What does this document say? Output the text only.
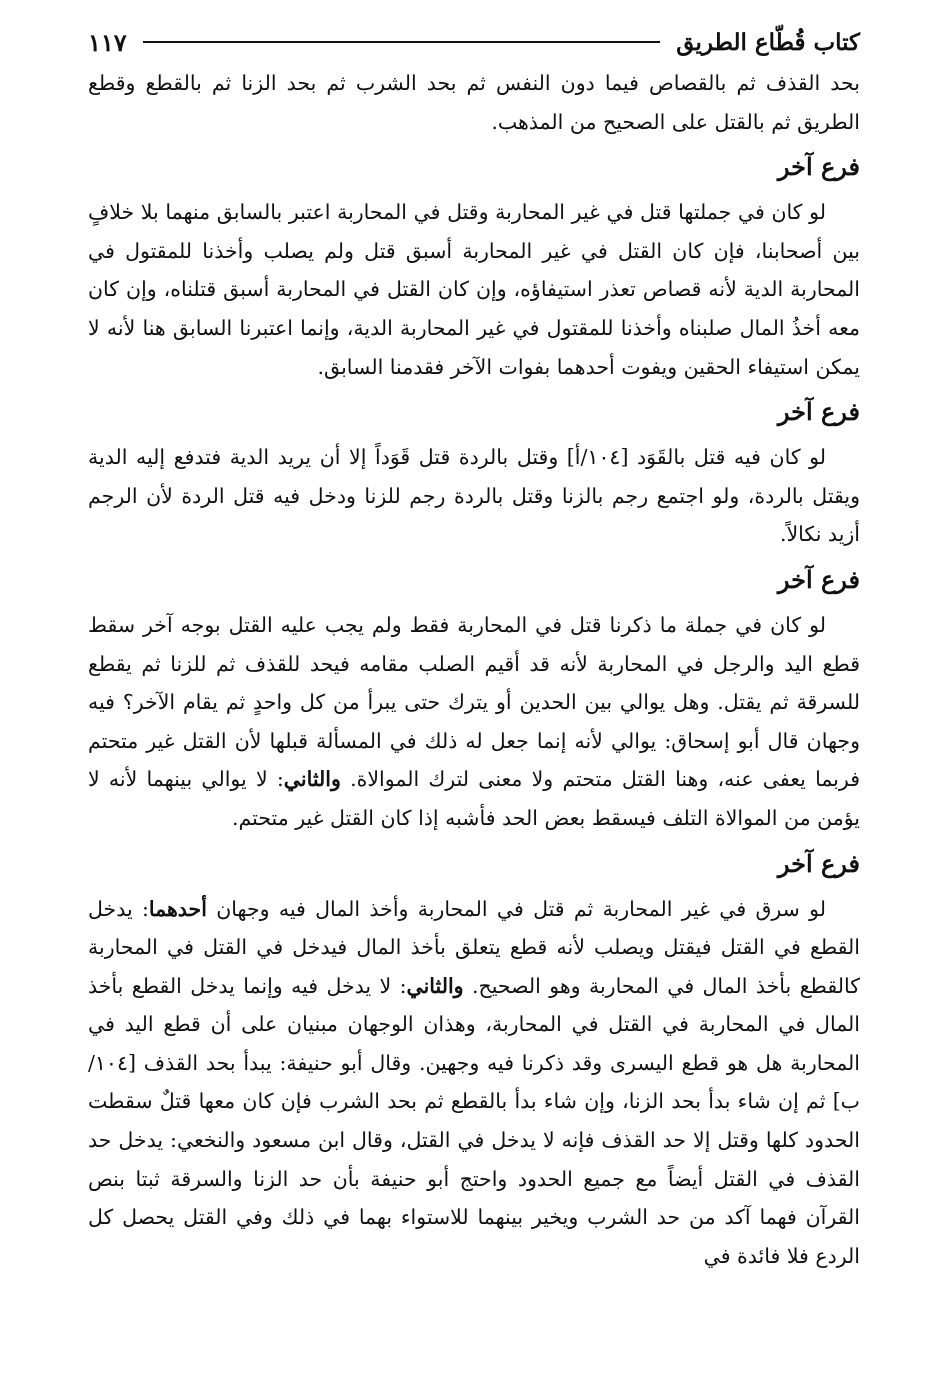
كتاب قُطّاع الطريق
١١٧

بحد القذف ثم بالقصاص فيما دون النفس ثم بحد الشرب ثم بحد الزنا ثم بالقطع وقطع الطريق ثم بالقتل على الصحيح من المذهب.

فرع آخر

لو كان في جملتها قتل في غير المحاربة وقتل في المحاربة اعتبر بالسابق منهما بلا خلافٍ بين أصحابنا، فإن كان القتل في غير المحاربة أسبق قتل ولم يصلب وأخذنا للمقتول في المحاربة الدية لأنه قصاص تعذر استيفاؤه، وإن كان القتل في المحاربة أسبق قتلناه، وإن كان معه أخذُ المال صلبناه وأخذنا للمقتول في غير المحاربة الدية، وإنما اعتبرنا السابق هنا لأنه لا يمكن استيفاء الحقين ويفوت أحدهما بفوات الآخر فقدمنا السابق.

فرع آخر

لو كان فيه قتل بالقَوَد [١٠٤/أ] وقتل بالردة قتل قَوَداً إلا أن يريد الدية فتدفع إليه الدية ويقتل بالردة، ولو اجتمع رجم بالزنا وقتل بالردة رجم للزنا ودخل فيه قتل الردة لأن الرجم أزيد نكالاً.

فرع آخر

لو كان في جملة ما ذكرنا قتل في المحاربة فقط ولم يجب عليه القتل بوجه آخر سقط قطع اليد والرجل في المحاربة لأنه قد أقيم الصلب مقامه فيحد للقذف ثم للزنا ثم يقطع للسرقة ثم يقتل. وهل يوالي بين الحدين أو يترك حتى يبرأ من كل واحدٍ ثم يقام الآخر؟ فيه وجهان قال أبو إسحاق: يوالي لأنه إنما جعل له ذلك في المسألة قبلها لأن القتل غير متحتم فربما يعفى عنه، وهنا القتل متحتم ولا معنى لترك الموالاة. والثاني: لا يوالي بينهما لأنه لا يؤمن من الموالاة التلف فيسقط بعض الحد فأشبه إذا كان القتل غير متحتم.

فرع آخر

لو سرق في غير المحاربة ثم قتل في المحاربة وأخذ المال فيه وجهان أحدهما: يدخل القطع في القتل فيقتل ويصلب لأنه قطع يتعلق بأخذ المال فيدخل في القتل في المحاربة كالقطع بأخذ المال في المحاربة وهو الصحيح. والثاني: لا يدخل فيه وإنما يدخل القطع بأخذ المال في المحاربة في القتل في المحاربة، وهذان الوجهان مبنيان على أن قطع اليد في المحاربة هل هو قطع اليسرى وقد ذكرنا فيه وجهين. وقال أبو حنيفة: يبدأ بحد القذف [١٠٤/ب] ثم إن شاء بدأ بحد الزنا، وإن شاء بدأ بالقطع ثم بحد الشرب فإن كان معها قتلٌ سقطت الحدود كلها وقتل إلا حد القذف فإنه لا يدخل في القتل، وقال ابن مسعود والنخعي: يدخل حد القذف في القتل أيضاً مع جميع الحدود واحتج أبو حنيفة بأن حد الزنا والسرقة ثبتا بنص القرآن فهما آكد من حد الشرب ويخير بينهما للاستواء بهما في ذلك وفي القتل يحصل كل الردع فلا فائدة في
